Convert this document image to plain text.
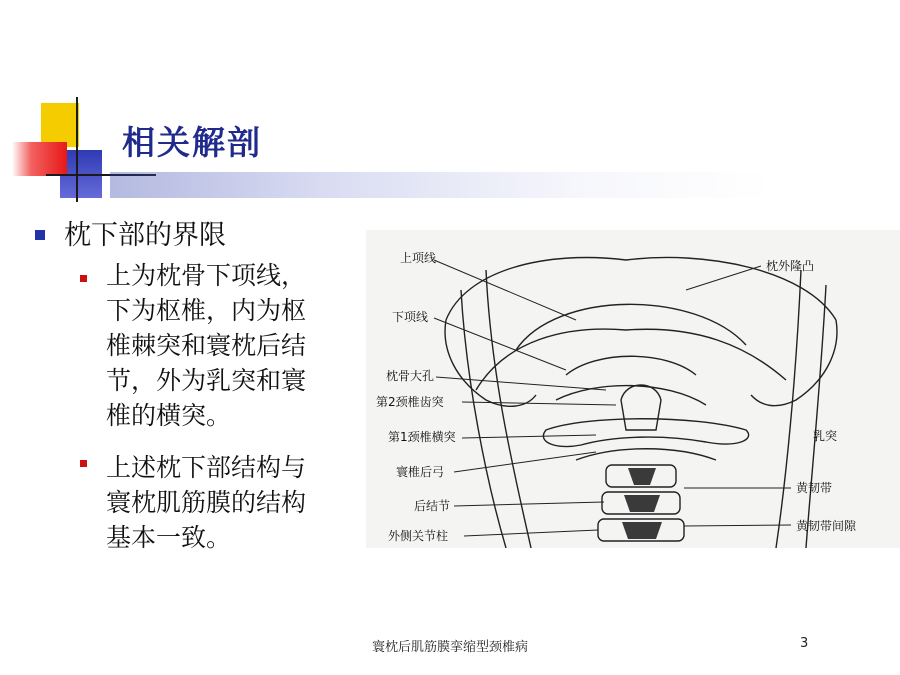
相关解剖

枕下部的界限

上为枕骨下项线，
下为枢椎，内为枢
椎棘突和寰枕后结
节，外为乳突和寰
椎的横突。

上述枕下部结构与
寰枕肌筋膜的结构
基本一致。

上项线
下项线
枕骨大孔
第2颈椎齿突
第1颈椎横突
寰椎后弓
后结节
外侧关节柱
枕外隆凸
乳突
黄韧带
黄韧带间隙
寰枕后肌筋膜挛缩型颈椎病	3
